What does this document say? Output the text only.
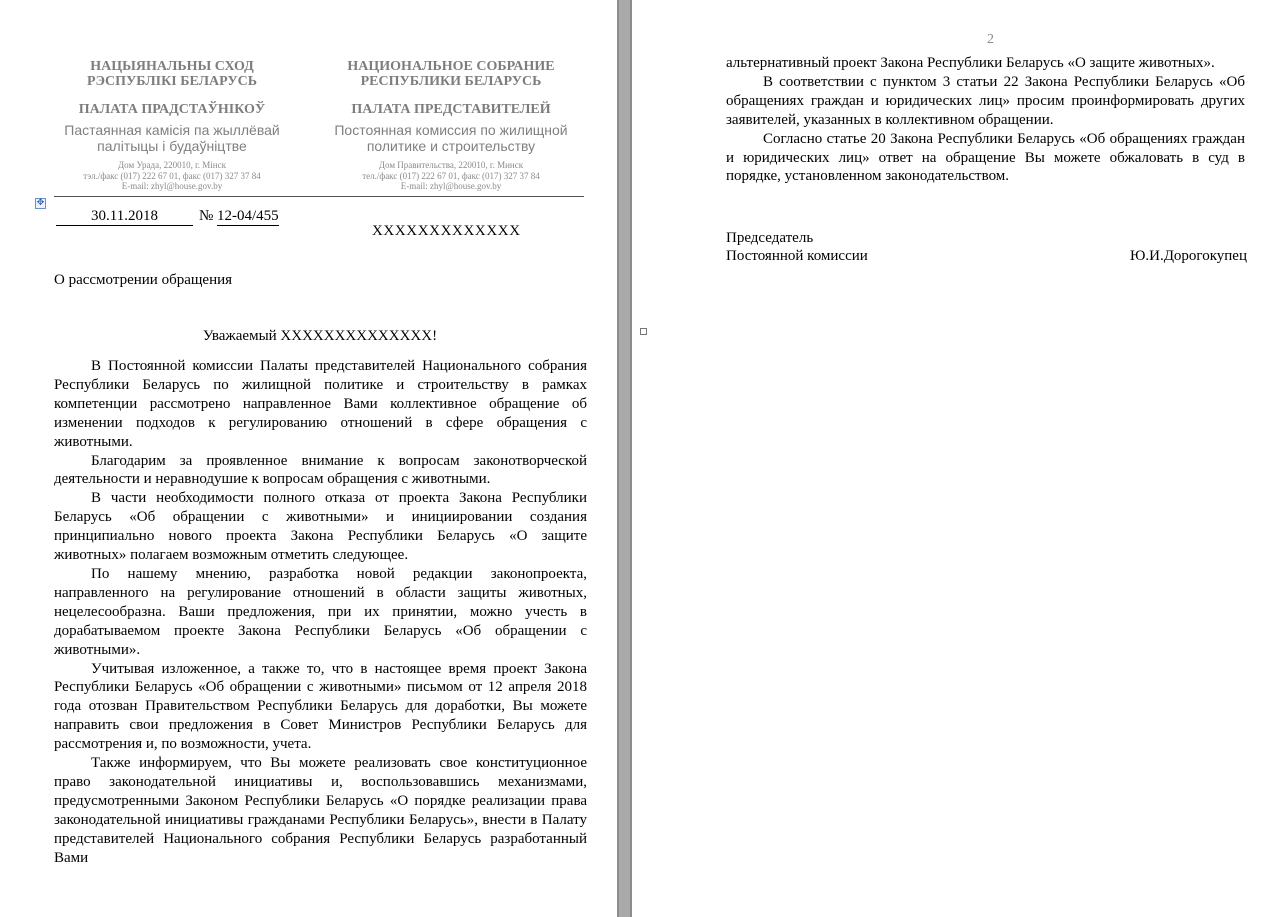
НАЦЫЯНАЛЬНЫ СХОД
РЭСПУБЛІКІ БЕЛАРУСЬ

ПАЛАТА ПРАДСТАЎНІКОЎ

Пастаянная камісія па жыллёвай
палітыцы і будаўніцтве

Дом Урада, 220010, г. Мінск
тэл./факс (017) 222 67 01, факс (017) 327 37 84
E-mail: zhyl@house.gov.by

НАЦИОНАЛЬНОЕ СОБРАНИЕ
РЕСПУБЛИКИ БЕЛАРУСЬ

ПАЛАТА ПРЕДСТАВИТЕЛЕЙ

Постоянная комиссия по жилищной
политике и строительству

Дом Правительства, 220010, г. Минск
тел./факс (017) 222 67 01, факс (017) 327 37 84
E-mail: zhyl@house.gov.by
✥
30.11.2018	№ 12-04/455
ХХХХХХХХХХХХХ
О рассмотрении обращения
Уважаемый ХХХХХХХХХХХХХХ!

В Постоянной комиссии Палаты представителей Национального собрания Республики Беларусь по жилищной политике и строительству в рамках компетенции рассмотрено направленное Вами коллективное обращение об изменении подходов к регулированию отношений в сфере обращения с животными.

Благодарим за проявленное внимание к вопросам законотворческой деятельности и неравнодушие к вопросам обращения с животными.

В части необходимости полного отказа от проекта Закона Республики Беларусь «Об обращении с животными» и инициировании создания принципиально нового проекта Закона Республики Беларусь «О защите животных» полагаем возможным отметить следующее.

По нашему мнению, разработка новой редакции законопроекта, направленного на регулирование отношений в области защиты животных, нецелесообразна. Ваши предложения, при их принятии, можно учесть в дорабатываемом проекте Закона Республики Беларусь «Об обращении с животными».

Учитывая изложенное, а также то, что в настоящее время проект Закона Республики Беларусь «Об обращении с животными» письмом от 12 апреля 2018 года отозван Правительством Республики Беларусь для доработки, Вы можете направить свои предложения в Совет Министров Республики Беларусь для рассмотрения и, по возможности, учета.

Также информируем, что Вы можете реализовать свое конституционное право законодательной инициативы и, воспользовавшись механизмами, предусмотренными Законом Республики Беларусь «О порядке реализации права законодательной инициативы гражданами Республики Беларусь», внести в Палату представителей Национального собрания Республики Беларусь разработанный Вами

2

альтернативный проект Закона Республики Беларусь «О защите животных».

В соответствии с пунктом 3 статьи 22 Закона Республики Беларусь «Об обращениях граждан и юридических лиц» просим проинформировать других заявителей, указанных в коллективном обращении.

Согласно статье 20 Закона Республики Беларусь «Об обращениях граждан и юридических лиц» ответ на обращение Вы можете обжаловать в суд в порядке, установленном законодательством.

Председатель
Постоянной комиссии	Ю.И.Дорогокупец
